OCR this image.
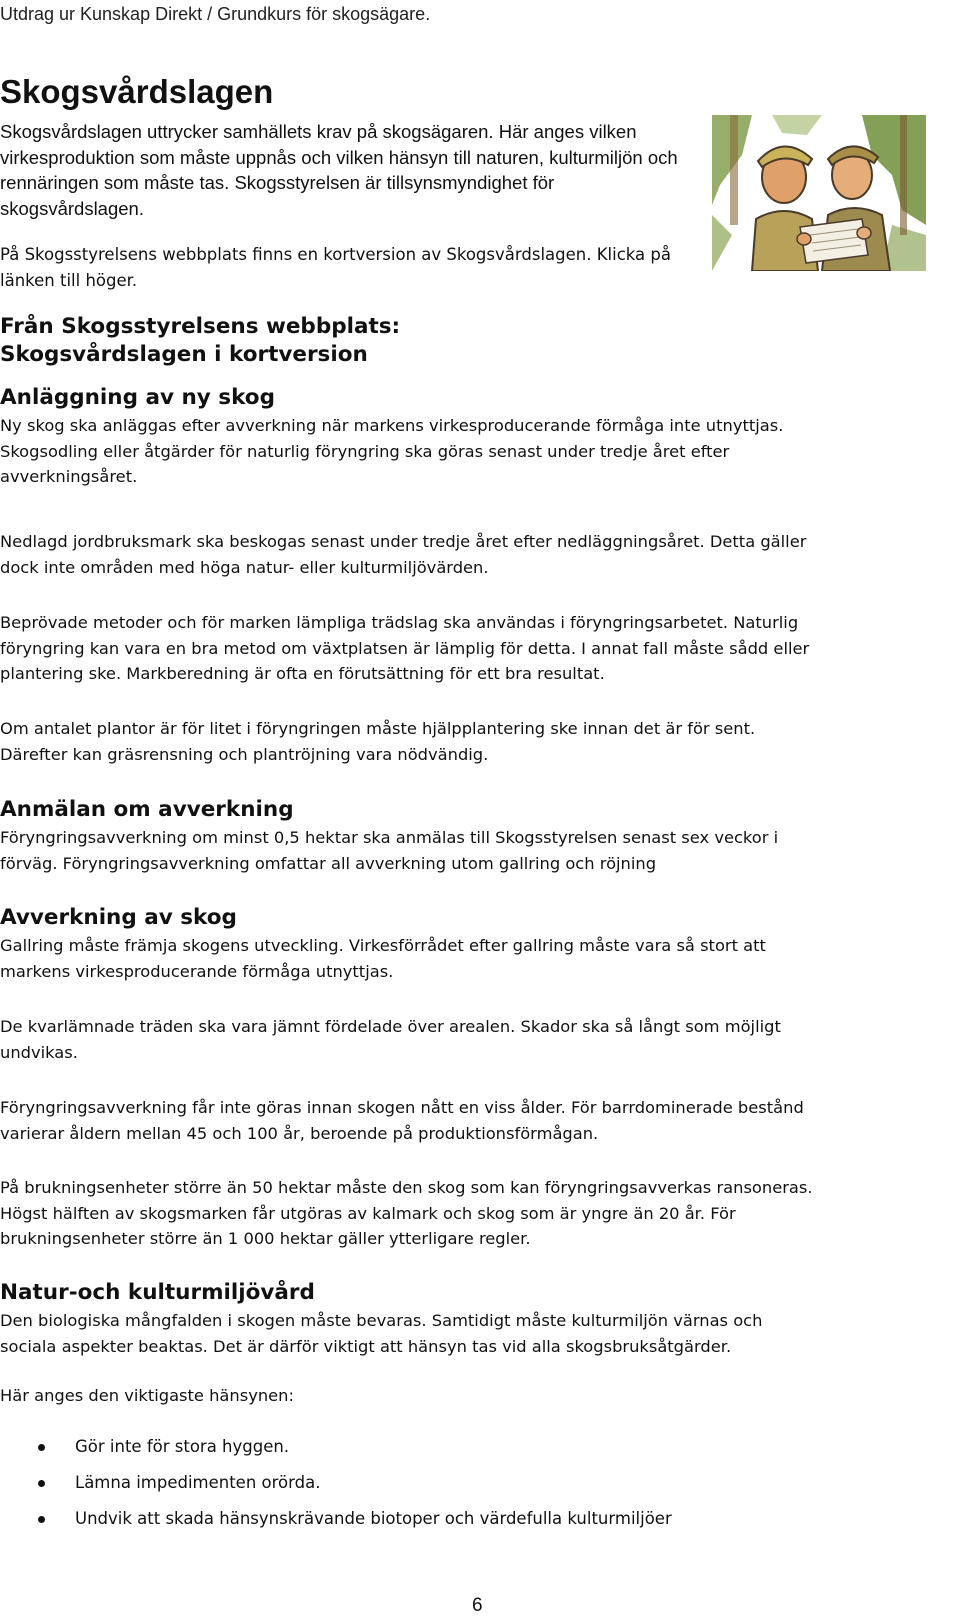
Utdrag ur Kunskap Direkt / Grundkurs för skogsägare.
Skogsvårdslagen

Skogsvårdslagen uttrycker samhällets krav på skogsägaren. Här anges vilken virkesproduktion som måste uppnås och vilken hänsyn till naturen, kulturmiljön och rennäringen som måste tas. Skogsstyrelsen är tillsynsmyndighet för skogsvårdslagen.

På Skogsstyrelsens webbplats finns en kortversion av Skogsvårdslagen. Klicka på länken till höger.

Från Skogsstyrelsens webbplats:
Skogsvårdslagen i kortversion
Anläggning av ny skog

Ny skog ska anläggas efter avverkning när markens virkesproducerande förmåga inte utnyttjas.
Skogsodling eller åtgärder för naturlig föryngring ska göras senast under tredje året efter
avverkningsåret.

Nedlagd jordbruksmark ska beskogas senast under tredje året efter nedläggningsåret. Detta gäller
dock inte områden med höga natur- eller kulturmiljövärden.

Beprövade metoder och för marken lämpliga trädslag ska användas i föryngringsarbetet. Naturlig
föryngring kan vara en bra metod om växtplatsen är lämplig för detta. I annat fall måste sådd eller
plantering ske. Markberedning är ofta en förutsättning för ett bra resultat.

Om antalet plantor är för litet i föryngringen måste hjälpplantering ske innan det är för sent.
Därefter kan gräsrensning och plantröjning vara nödvändig.

Anmälan om avverkning

Föryngringsavverkning om minst 0,5 hektar ska anmälas till Skogsstyrelsen senast sex veckor i
förväg. Föryngringsavverkning omfattar all avverkning utom gallring och röjning

Avverkning av skog

Gallring måste främja skogens utveckling. Virkesförrådet efter gallring måste vara så stort att
markens virkesproducerande förmåga utnyttjas.

De kvarlämnade träden ska vara jämnt fördelade över arealen. Skador ska så långt som möjligt
undvikas.

Föryngringsavverkning får inte göras innan skogen nått en viss ålder. För barrdominerade bestånd
varierar åldern mellan 45 och 100 år, beroende på produktionsförmågan.

På brukningsenheter större än 50 hektar måste den skog som kan föryngringsavverkas ransoneras.
Högst hälften av skogsmarken får utgöras av kalmark och skog som är yngre än 20 år. För
brukningsenheter större än 1 000 hektar gäller ytterligare regler.

Natur-och kulturmiljövård

Den biologiska mångfalden i skogen måste bevaras. Samtidigt måste kulturmiljön värnas och
sociala aspekter beaktas. Det är därför viktigt att hänsyn tas vid alla skogsbruksåtgärder.

Här anges den viktigaste hänsynen:

Gör inte för stora hyggen.
Lämna impedimenten orörda.
Undvik att skada hänsynskrävande biotoper och värdefulla kulturmiljöer
6
